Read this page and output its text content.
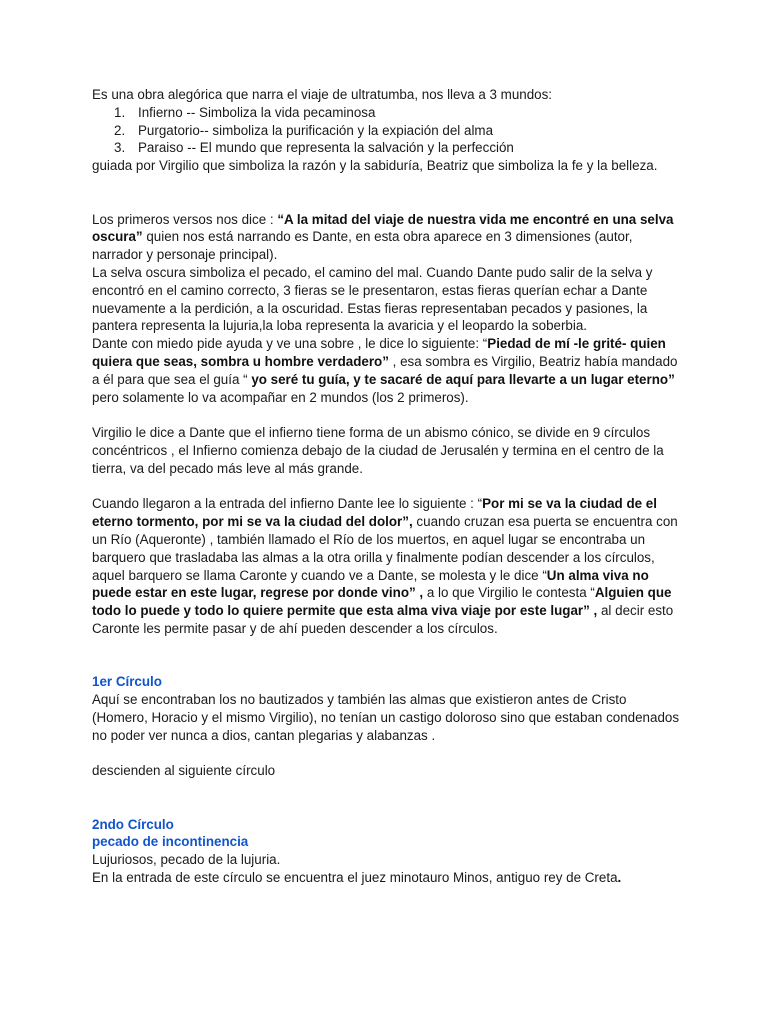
Es una obra alegórica que narra el viaje de ultratumba, nos lleva a 3 mundos:

1. Infierno -- Simboliza la vida pecaminosa
2. Purgatorio-- simboliza la purificación y la expiación del alma
3. Paraiso -- El mundo que representa la salvación y la perfección

guiada por Virgilio que simboliza la razón y la sabiduría, Beatriz que simboliza la fe y la belleza.

Los primeros versos nos dice : “A la mitad del viaje de nuestra vida me encontré en una selva oscura” quien nos está narrando es Dante, en esta obra aparece en 3 dimensiones (autor, narrador y personaje principal).

La selva oscura simboliza el pecado, el camino del mal. Cuando Dante pudo salir de la selva y encontró en el camino correcto, 3 fieras se le presentaron, estas fieras querían echar a Dante nuevamente a la perdición, a la oscuridad. Estas fieras representaban pecados y pasiones, la pantera representa la lujuria,la loba representa la avaricia y el leopardo la soberbia.

Dante con miedo pide ayuda y ve una sobre , le dice lo siguiente: “Piedad de mí -le grité- quien quiera que seas, sombra u hombre verdadero” , esa sombra es Virgilio, Beatriz había mandado a él para que sea el guía “ yo seré tu guía, y te sacaré de aquí para llevarte a un lugar eterno” pero solamente lo va acompañar en 2 mundos (los 2 primeros).

Virgilio le dice a Dante que el infierno tiene forma de un abismo cónico, se divide en 9 círculos concéntricos , el Infierno comienza debajo de la ciudad de Jerusalén y termina en el centro de la tierra, va del pecado más leve al más grande.

Cuando llegaron a la entrada del infierno Dante lee lo siguiente : “Por mi se va la ciudad de el eterno tormento, por mi se va la ciudad del dolor”, cuando cruzan esa puerta se encuentra con un Río (Aqueronte) , también llamado el Río de los muertos, en aquel lugar se encontraba un barquero que trasladaba las almas a la otra orilla y finalmente podían descender a los círculos, aquel barquero se llama Caronte y cuando ve a Dante, se molesta y le dice “Un alma viva no puede estar en este lugar, regrese por donde vino” , a lo que Virgilio le contesta “Alguien que todo lo puede y todo lo quiere permite que esta alma viva viaje por este lugar” , al decir esto Caronte les permite pasar y de ahí pueden descender a los círculos.

1er Círculo

Aquí se encontraban los no bautizados y también las almas que existieron antes de Cristo (Homero, Horacio y el mismo Virgilio), no tenían un castigo doloroso sino que estaban condenados no poder ver nunca a dios, cantan plegarias y alabanzas .

descienden al siguiente círculo

2ndo Círculo

pecado de incontinencia

Lujuriosos, pecado de la lujuria.

En la entrada de este círculo se encuentra el juez minotauro Minos, antiguo rey de Creta.
